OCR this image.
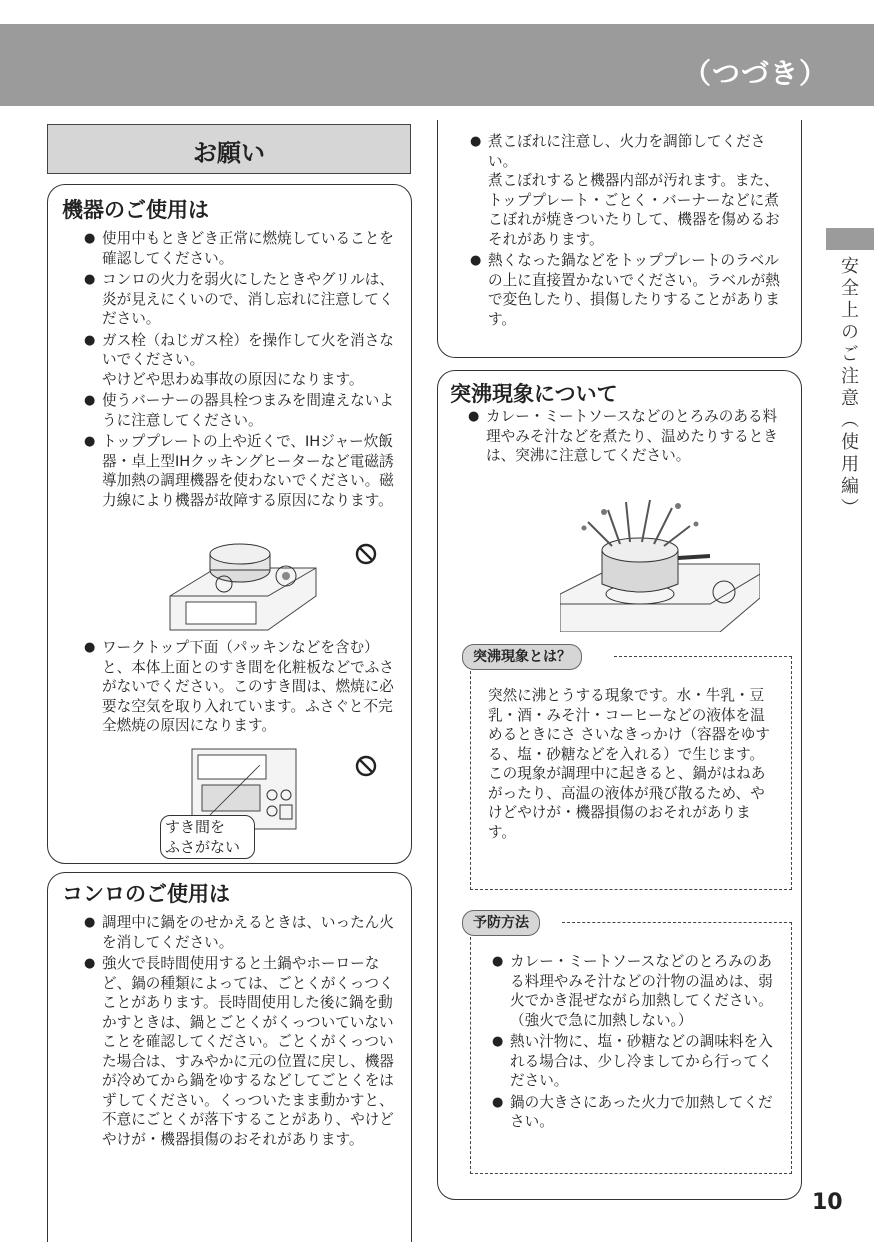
（つづき）
安全上のご注意（使用編）
お願い
機器のご使用は
● 使用中もときどき正常に燃焼していることを確認してください。
● コンロの火力を弱火にしたときやグリルは、炎が見えにくいので、消し忘れに注意してください。
● ガス栓（ねじガス栓）を操作して火を消さないでください。
やけどや思わぬ事故の原因になります。
● 使うバーナーの器具栓つまみを間違えないように注意してください。
● トッププレートの上や近くで、IHジャー炊飯器・卓上型IHクッキングヒーターなど電磁誘導加熱の調理機器を使わないでください。磁力線により機器が故障する原因になります。
● ワークトップ下面（パッキンなどを含む）と、本体上面とのすき間を化粧板などでふさがないでください。このすき間は、燃焼に必要な空気を取り入れています。ふさぐと不完全燃焼の原因になります。
すき間を
ふさがない
コンロのご使用は
● 調理中に鍋をのせかえるときは、いったん火を消してください。
● 強火で長時間使用すると土鍋やホーローなど、鍋の種類によっては、ごとくがくっつくことがあります。長時間使用した後に鍋を動かすときは、鍋とごとくがくっついていないことを確認してください。ごとくがくっついた場合は、すみやかに元の位置に戻し、機器が冷めてから鍋をゆするなどしてごとくをはずしてください。くっついたまま動かすと、不意にごとくが落下することがあり、やけどやけが・機器損傷のおそれがあります。
● 煮こぼれに注意し、火力を調節してください。
煮こぼれすると機器内部が汚れます。また、トッププレート・ごとく・バーナーなどに煮こぼれが焼きついたりして、機器を傷めるおそれがあります。
● 熱くなった鍋などをトッププレートのラベルの上に直接置かないでください。ラベルが熱で変色したり、損傷したりすることがあります。
突沸現象について
● カレー・ミートソースなどのとろみのある料理やみそ汁などを煮たり、温めたりするときは、突沸に注意してください。
突沸現象とは？
突然に沸とうする現象です。水・牛乳・豆乳・酒・みそ汁・コーヒーなどの液体を温めるときにさ さいなきっかけ（容器をゆする、塩・砂糖などを入れる）で生じます。
この現象が調理中に起きると、鍋がはねあがったり、高温の液体が飛び散るため、やけどやけが・機器損傷のおそれがあります。
予防方法
● カレー・ミートソースなどのとろみのある料理やみそ汁などの汁物の温めは、弱火でかき混ぜながら加熱してください。（強火で急に加熱しない。）
● 熱い汁物に、塩・砂糖などの調味料を入れる場合は、少し冷ましてから行ってください。
● 鍋の大きさにあった火力で加熱してください。
10
